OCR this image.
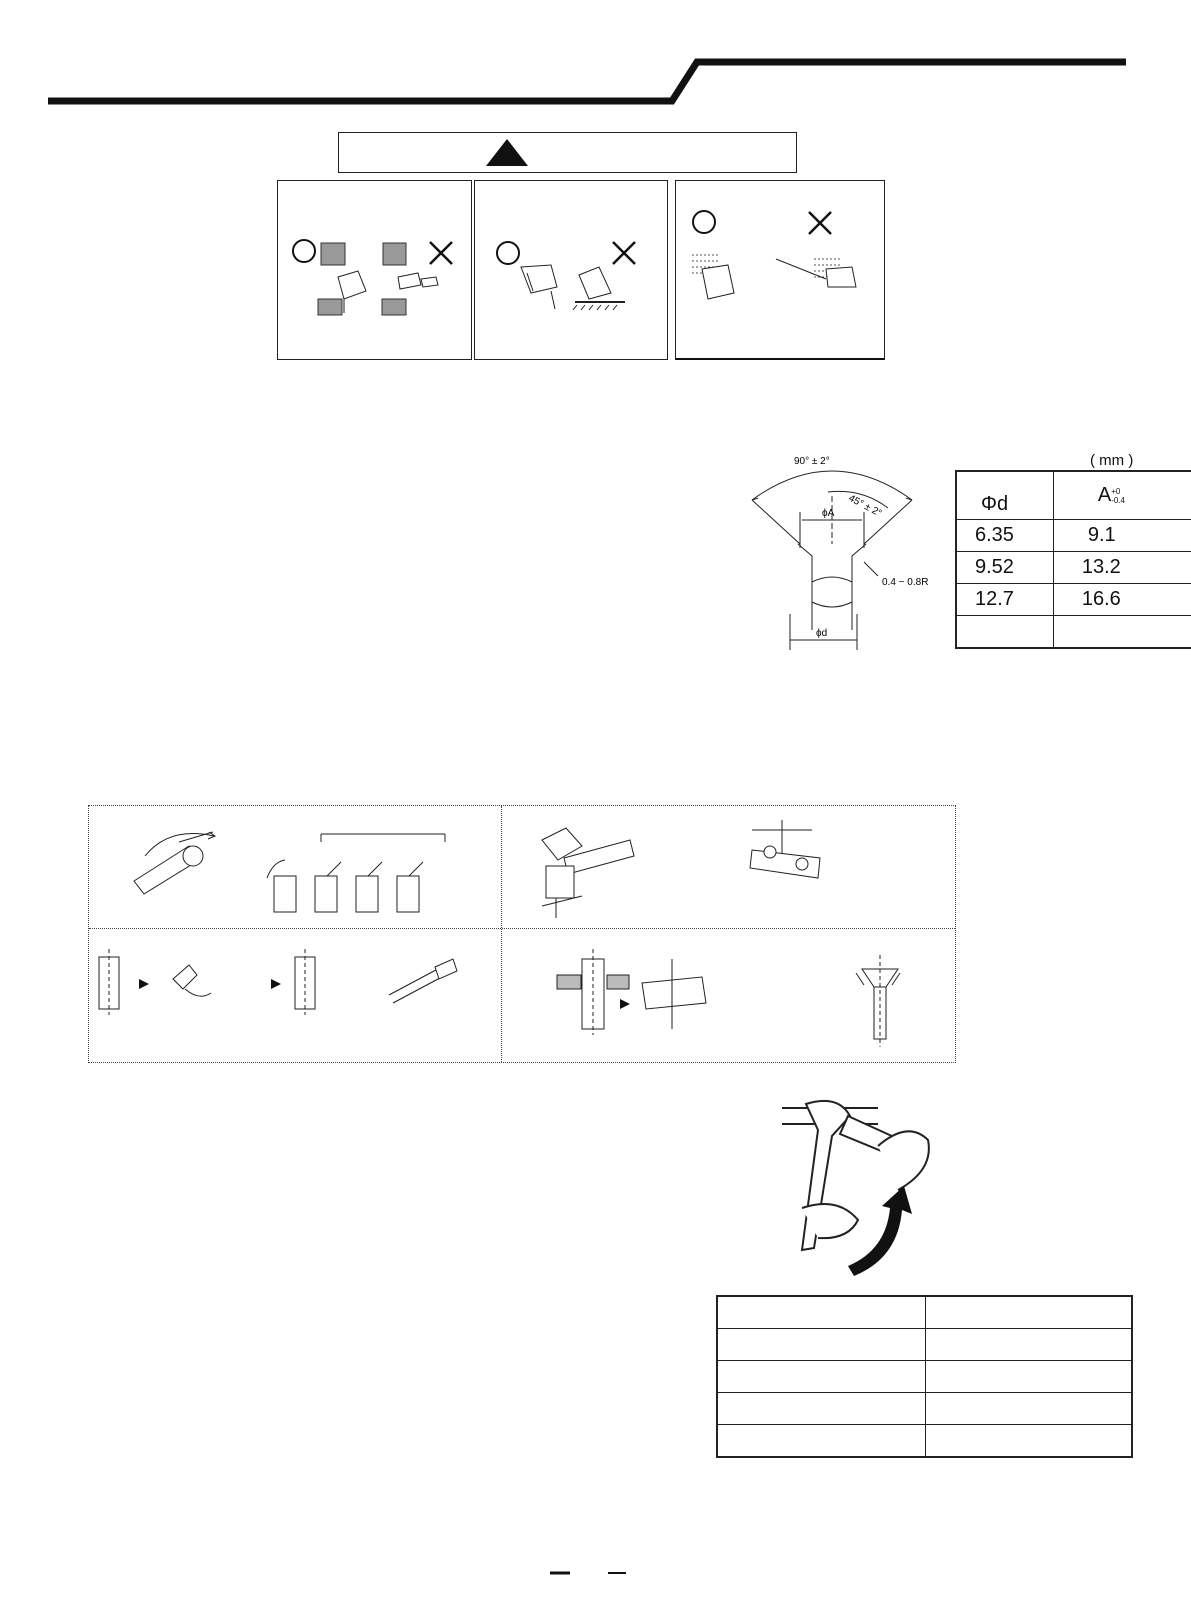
90° ± 2°
45° ± 2°
ϕA
0.4 ~ 0.8R
ϕd
( mm )
Φd	A+0
-0.4
6.35	9.1
9.52	13.2
12.7	16.6
